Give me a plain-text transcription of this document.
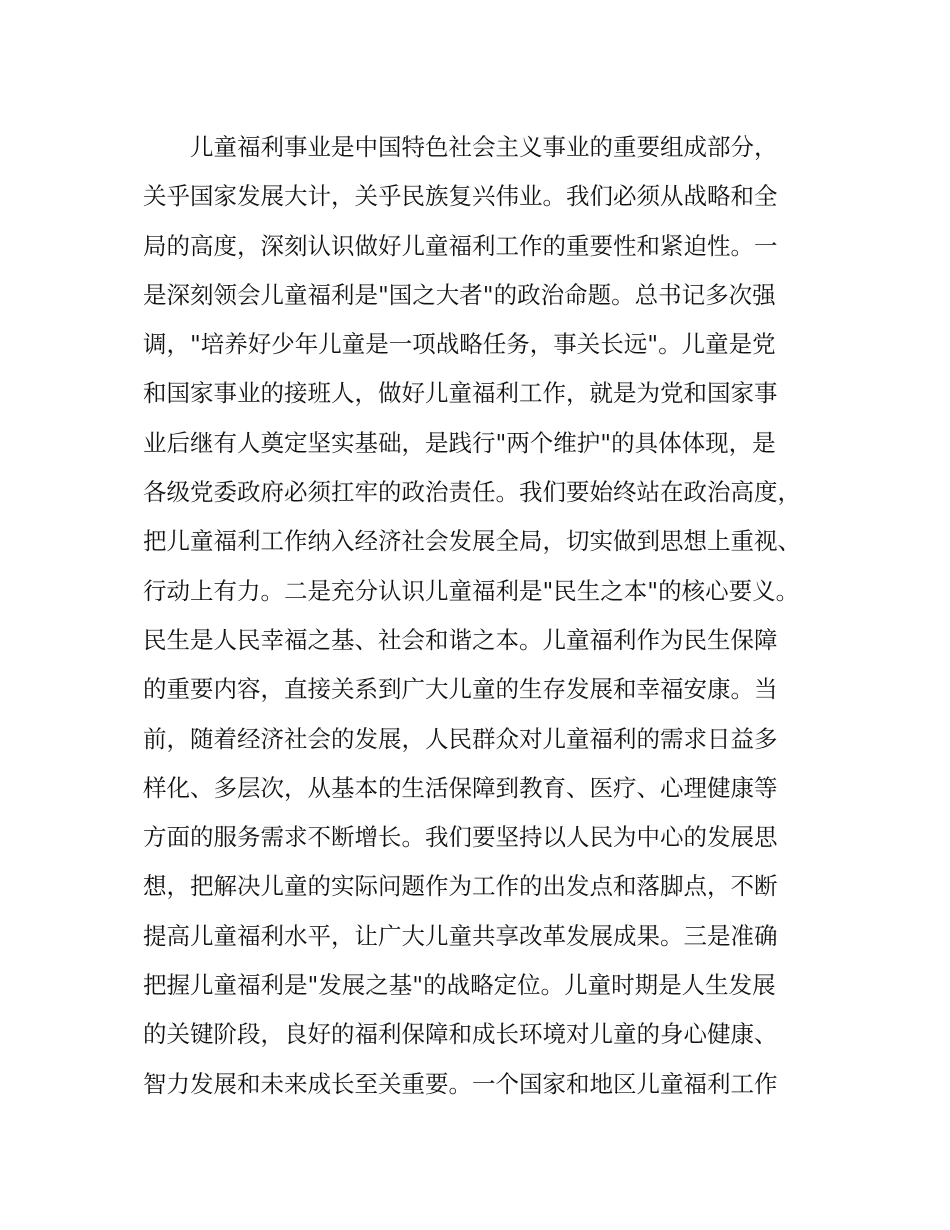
儿童福利事业是中国特色社会主义事业的重要组成部分，
关乎国家发展大计，关乎民族复兴伟业。我们必须从战略和全
局的高度，深刻认识做好儿童福利工作的重要性和紧迫性。一
是深刻领会儿童福利是"国之大者"的政治命题。总书记多次强
调，"培养好少年儿童是一项战略任务，事关长远"。儿童是党
和国家事业的接班人，做好儿童福利工作，就是为党和国家事
业后继有人奠定坚实基础，是践行"两个维护"的具体体现，是
各级党委政府必须扛牢的政治责任。我们要始终站在政治高度，
把儿童福利工作纳入经济社会发展全局，切实做到思想上重视、
行动上有力。二是充分认识儿童福利是"民生之本"的核心要义。
民生是人民幸福之基、社会和谐之本。儿童福利作为民生保障
的重要内容，直接关系到广大儿童的生存发展和幸福安康。当
前，随着经济社会的发展，人民群众对儿童福利的需求日益多
样化、多层次，从基本的生活保障到教育、医疗、心理健康等
方面的服务需求不断增长。我们要坚持以人民为中心的发展思
想，把解决儿童的实际问题作为工作的出发点和落脚点，不断
提高儿童福利水平，让广大儿童共享改革发展成果。三是准确
把握儿童福利是"发展之基"的战略定位。儿童时期是人生发展
的关键阶段，良好的福利保障和成长环境对儿童的身心健康、
智力发展和未来成长至关重要。一个国家和地区儿童福利工作
